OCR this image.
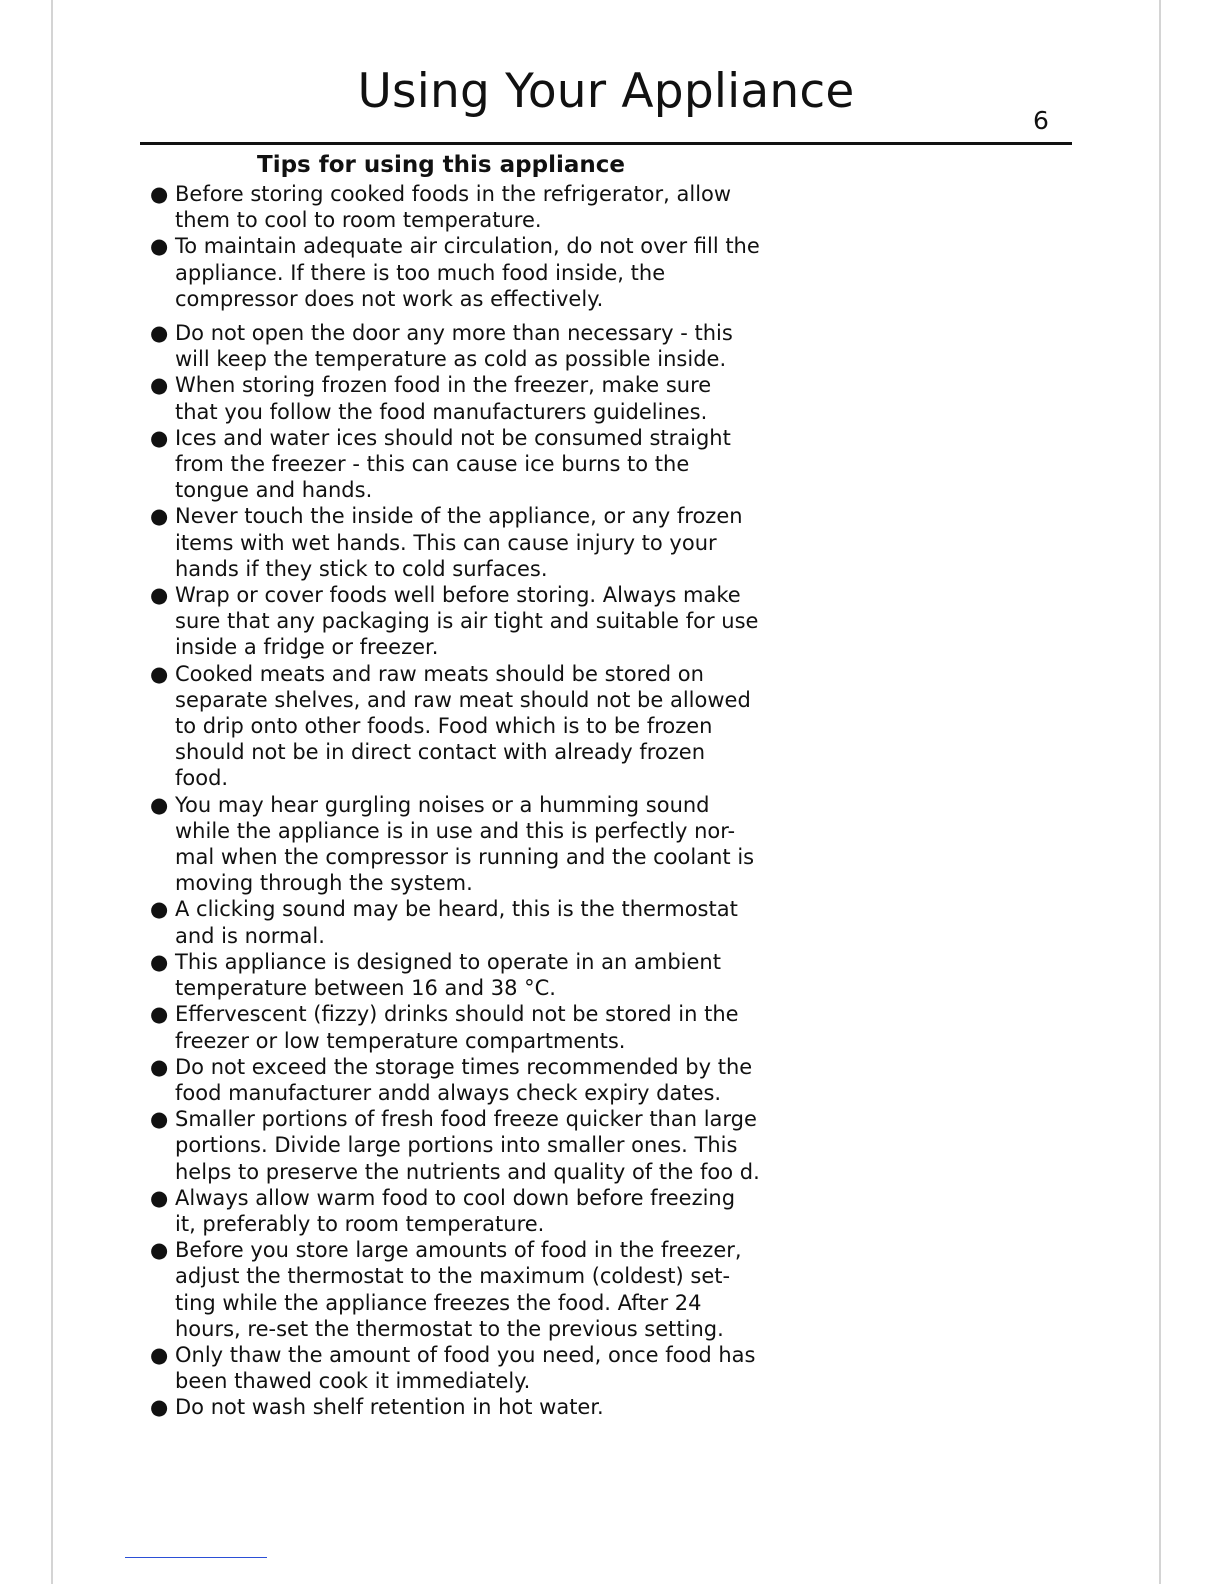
Using Your Appliance
6
Tips for using this appliance
● Before storing cooked foods in the refrigerator, allow them to cool to room temperature.
● To maintain adequate air circulation, do not over fill the appliance. If there is too much food inside, the compressor does not work as effectively.
● Do not open the door any more than necessary - this will keep the temperature as cold as possible inside.
● When storing frozen food in the freezer, make sure that you follow the food manufacturers guidelines.
● Ices and water ices should not be consumed straight from the freezer - this can cause ice burns to the tongue and hands.
● Never touch the inside of the appliance, or any frozen items with wet hands. This can cause injury to your hands if they stick to cold surfaces.
● Wrap or cover foods well before storing. Always make sure that any packaging is air tight and suitable for use inside a fridge or freezer.
● Cooked meats and raw meats should be stored on separate shelves, and raw meat should not be allowed to drip onto other foods. Food which is to be frozen should not be in direct contact with already frozen food.
● You may hear gurgling noises or a humming sound while the appliance is in use and this is perfectly nor-mal when the compressor is running and the coolant is moving through the system.
● A clicking sound may be heard, this is the thermostat and is normal.
● This appliance is designed to operate in an ambient temperature between 16 and 38 °C.
● Effervescent (fizzy) drinks should not be stored in the freezer or low temperature compartments.
● Do not exceed the storage times recommended by the food manufacturer andd always check expiry dates.
● Smaller portions of fresh food freeze quicker than large portions. Divide large portions into smaller ones. This helps to preserve the nutrients and quality of the foo d.
● Always allow warm food to cool down before freezing it, preferably to room temperature.
● Before you store large amounts of food in the freezer, adjust the thermostat to the maximum (coldest) set-ting while the appliance freezes the food. After 24 hours, re-set the thermostat to the previous setting.
● Only thaw the amount of food you need, once food has been thawed cook it immediately.
● Do not wash shelf retention in hot water.
